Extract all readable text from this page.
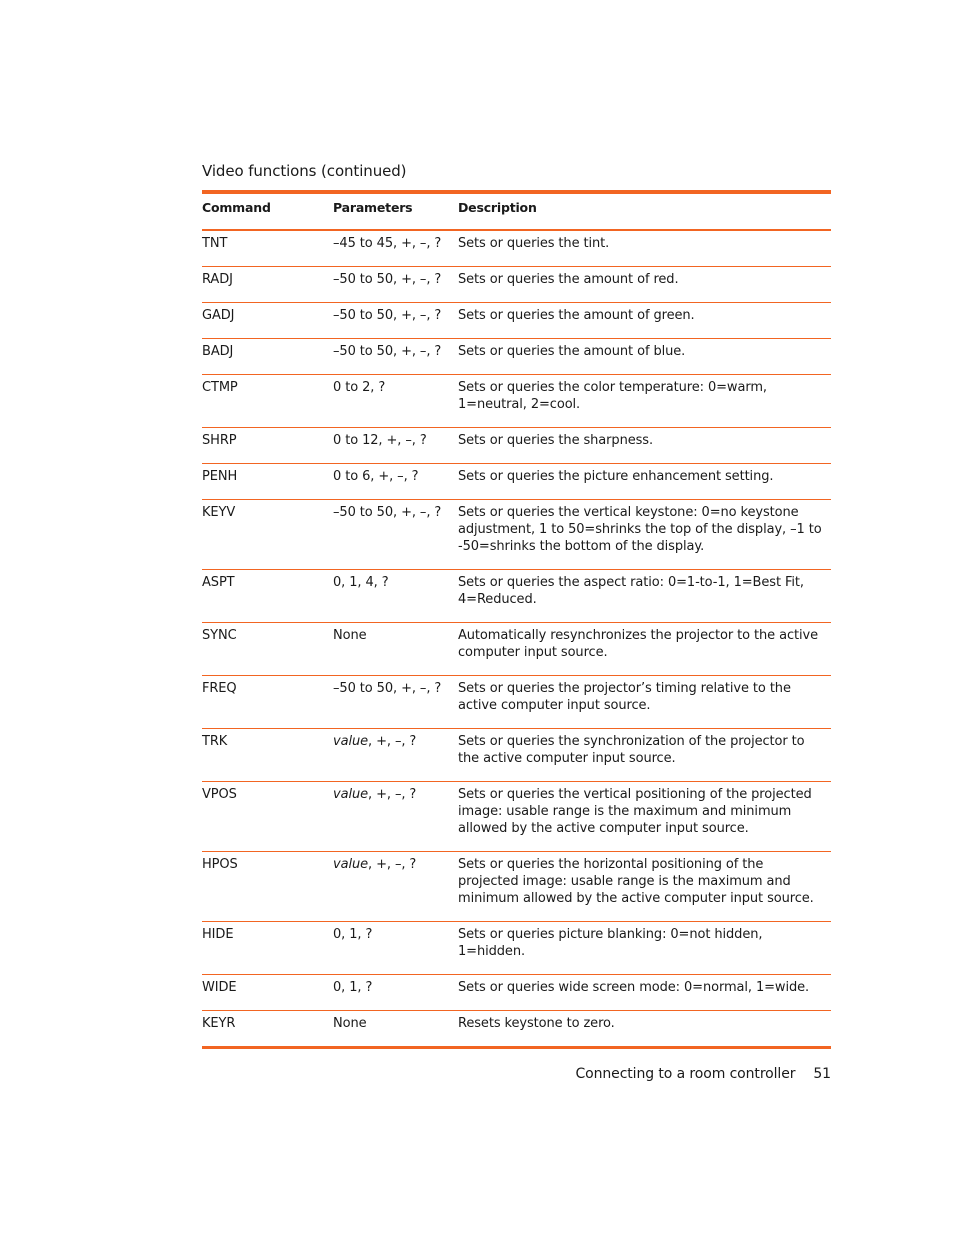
Video functions (continued)
Command	Parameters	Description
TNT	–45 to 45, +, –, ?	Sets or queries the tint.
RADJ	–50 to 50, +, –, ?	Sets or queries the amount of red.
GADJ	–50 to 50, +, –, ?	Sets or queries the amount of green.
BADJ	–50 to 50, +, –, ?	Sets or queries the amount of blue.
CTMP	0 to 2, ?	Sets or queries the color temperature: 0=warm, 1=neutral, 2=cool.
SHRP	0 to 12, +, –, ?	Sets or queries the sharpness.
PENH	0 to 6, +, –, ?	Sets or queries the picture enhancement setting.
KEYV	–50 to 50, +, –, ?	Sets or queries the vertical keystone: 0=no keystone adjustment, 1 to 50=shrinks the top of the display, –1 to -50=shrinks the bottom of the display.
ASPT	0, 1, 4, ?	Sets or queries the aspect ratio: 0=1-to-1, 1=Best Fit, 4=Reduced.
SYNC	None	Automatically resynchronizes the projector to the active computer input source.
FREQ	–50 to 50, +, –, ?	Sets or queries the projector’s timing relative to the active computer input source.
TRK	value, +, –, ?	Sets or queries the synchronization of the projector to the active computer input source.
VPOS	value, +, –, ?	Sets or queries the vertical positioning of the projected image: usable range is the maximum and minimum allowed by the active computer input source.
HPOS	value, +, –, ?	Sets or queries the horizontal positioning of the projected image: usable range is the maximum and minimum allowed by the active computer input source.
HIDE	0, 1, ?	Sets or queries picture blanking: 0=not hidden, 1=hidden.
WIDE	0, 1, ?	Sets or queries wide screen mode: 0=normal, 1=wide.
KEYR	None	Resets keystone to zero.
Connecting to a room controller 51
